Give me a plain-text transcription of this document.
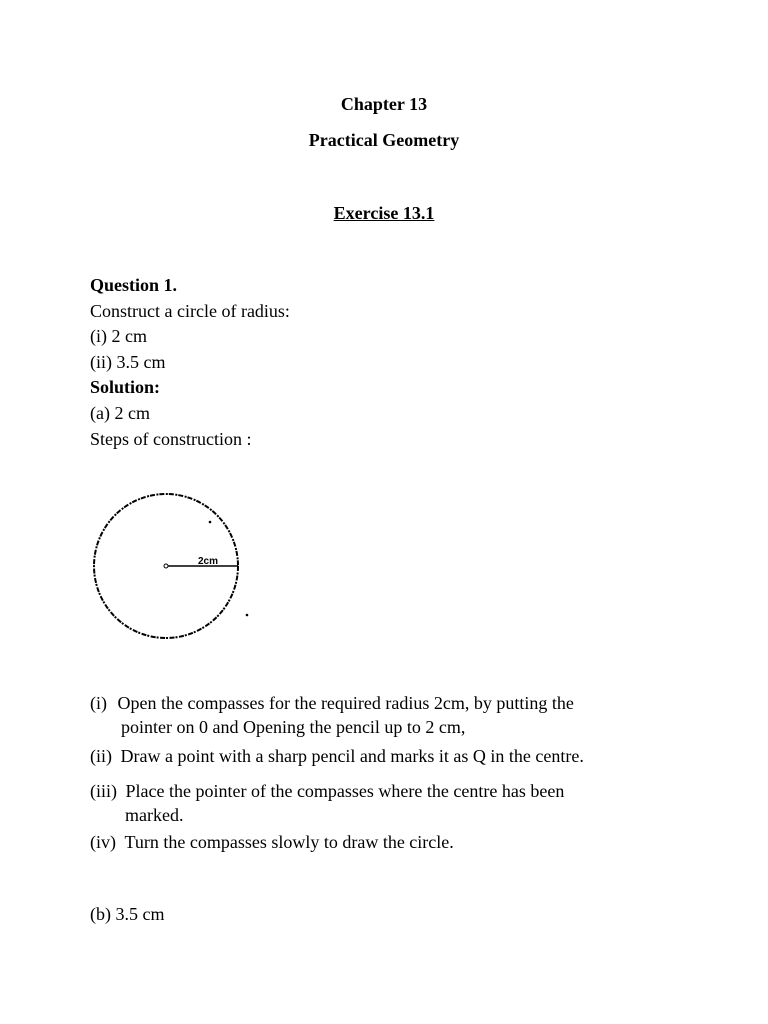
Chapter 13
Practical Geometry
Exercise 13.1
Question 1.
Construct a circle of radius:
(i) 2 cm
(ii) 3.5 cm
Solution:
(a) 2 cm
Steps of construction :
2cm
(i) Open the compasses for the required radius 2cm, by putting the
pointer on 0 and Opening the pencil up to 2 cm,
(ii) Draw a point with a sharp pencil and marks it as Q in the centre.
(iii) Place the pointer of the compasses where the centre has been
marked.
(iv) Turn the compasses slowly to draw the circle.
(b) 3.5 cm
